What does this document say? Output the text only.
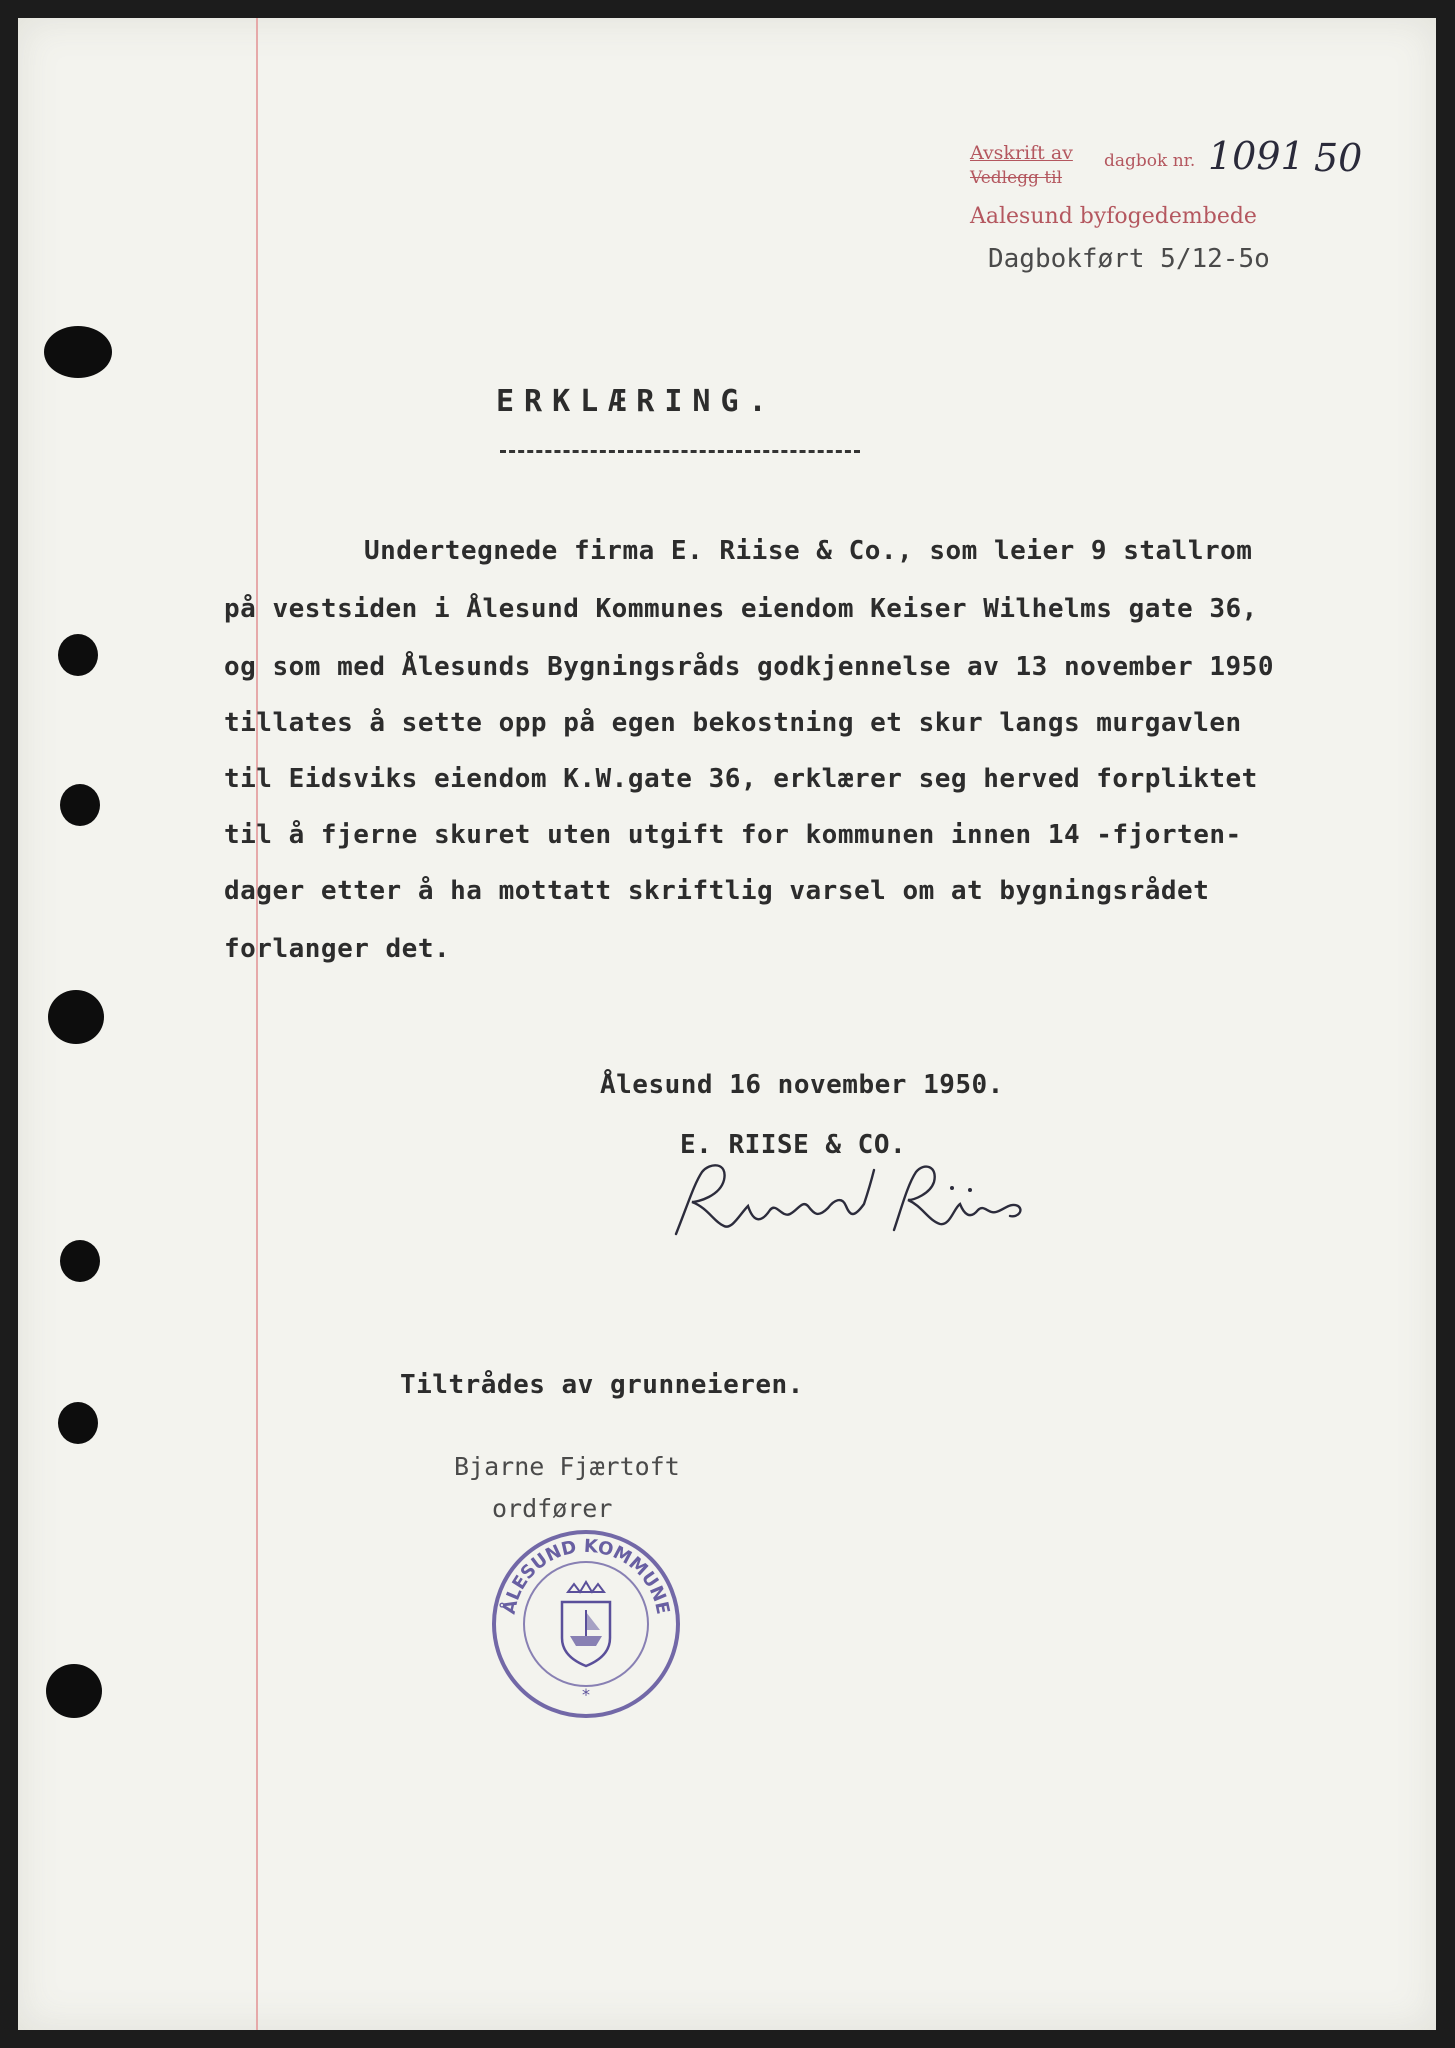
Avskrift av
Vedlegg til
dagbok nr. 1091 50
Aalesund byfogedembede
Dagbokført 5/12-5o
ERKLÆRING.
Undertegnede firma E. Riise & Co., som leier 9 stallrom
på vestsiden i Ålesund Kommunes eiendom Keiser Wilhelms gate 36,
og som med Ålesunds Bygningsråds godkjennelse av 13 november 1950
tillates å sette opp på egen bekostning et skur langs murgavlen
til Eidsviks eiendom K.W.gate 36, erklærer seg herved forpliktet
til å fjerne skuret uten utgift for kommunen innen 14 -fjorten-
dager etter å ha mottatt skriftlig varsel om at bygningsrådet
forlanger det.
Ålesund 16 november 1950.
E. RIISE & CO.
Tiltrådes av grunneieren.
Bjarne Fjærtoft
ordfører
ÅLESUND KOMMUNE
*
